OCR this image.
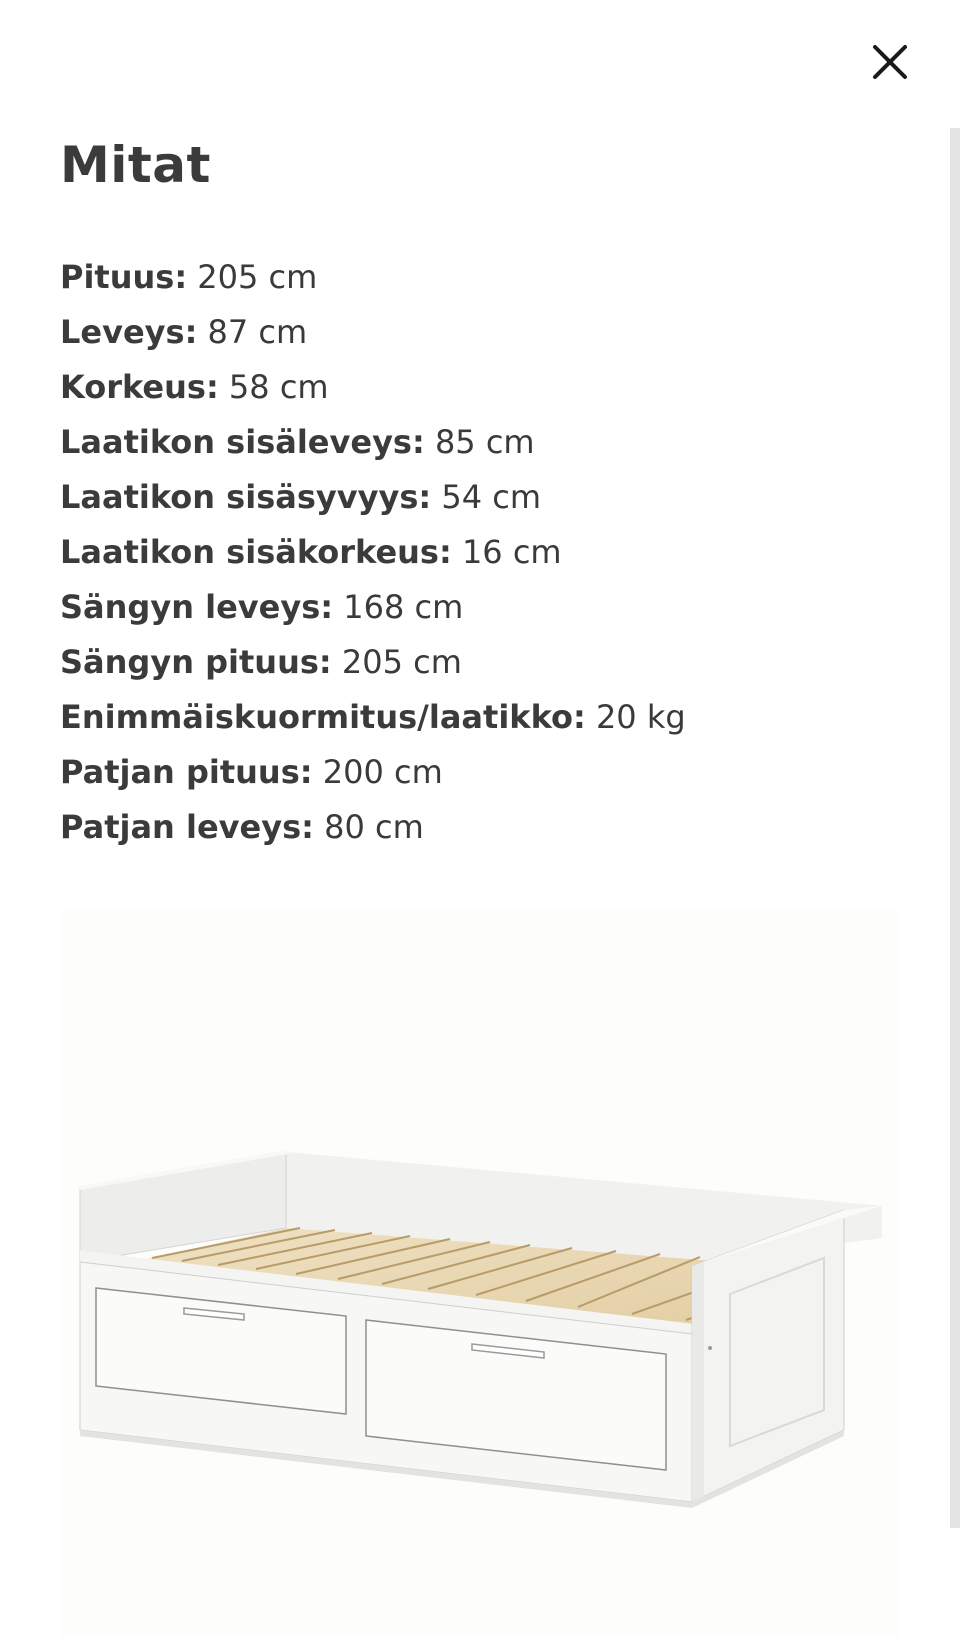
Mitat
Pituus: 205 cm
Leveys: 87 cm
Korkeus: 58 cm
Laatikon sisäleveys: 85 cm
Laatikon sisäsyvyys: 54 cm
Laatikon sisäkorkeus: 16 cm
Sängyn leveys: 168 cm
Sängyn pituus: 205 cm
Enimmäiskuormitus/laatikko: 20 kg
Patjan pituus: 200 cm
Patjan leveys: 80 cm
